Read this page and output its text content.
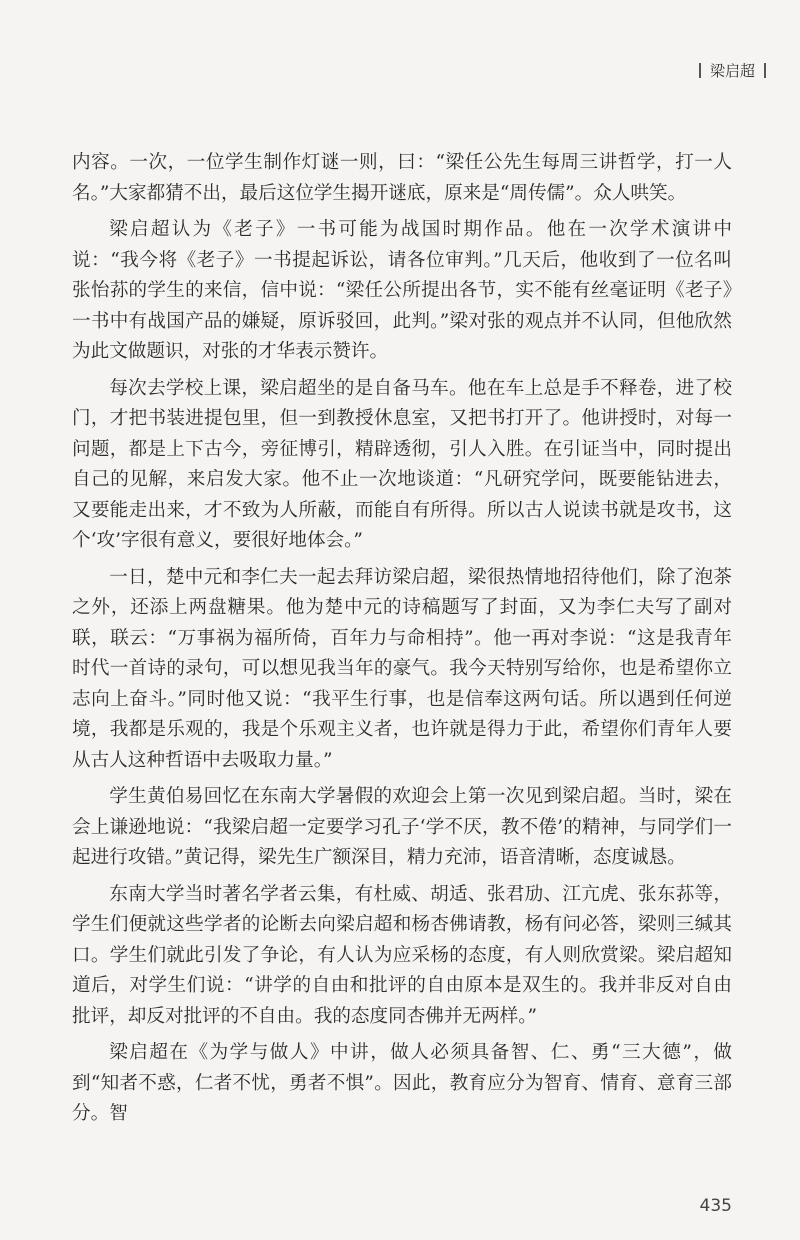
梁启超

内容。一次，一位学生制作灯谜一则，曰：“梁任公先生每周三讲哲学，打一人名。”大家都猜不出，最后这位学生揭开谜底，原来是“周传儒”。众人哄笑。

梁启超认为《老子》一书可能为战国时期作品。他在一次学术演讲中说：“我今将《老子》一书提起诉讼，请各位审判。”几天后，他收到了一位名叫张怡荪的学生的来信，信中说：“梁任公所提出各节，实不能有丝毫证明《老子》一书中有战国产品的嫌疑，原诉驳回，此判。”梁对张的观点并不认同，但他欣然为此文做题识，对张的才华表示赞许。

每次去学校上课，梁启超坐的是自备马车。他在车上总是手不释卷，进了校门，才把书装进提包里，但一到教授休息室，又把书打开了。他讲授时，对每一问题，都是上下古今，旁征博引，精辟透彻，引人入胜。在引证当中，同时提出自己的见解，来启发大家。他不止一次地谈道：“凡研究学问，既要能钻进去，又要能走出来，才不致为人所蔽，而能自有所得。所以古人说读书就是攻书，这个‘攻’字很有意义，要很好地体会。”

一日，楚中元和李仁夫一起去拜访梁启超，梁很热情地招待他们，除了泡茶之外，还添上两盘糖果。他为楚中元的诗稿题写了封面，又为李仁夫写了副对联，联云：“万事祸为福所倚，百年力与命相持”。他一再对李说：“这是我青年时代一首诗的录句，可以想见我当年的豪气。我今天特别写给你，也是希望你立志向上奋斗。”同时他又说：“我平生行事，也是信奉这两句话。所以遇到任何逆境，我都是乐观的，我是个乐观主义者，也许就是得力于此，希望你们青年人要从古人这种哲语中去吸取力量。”

学生黄伯易回忆在东南大学暑假的欢迎会上第一次见到梁启超。当时，梁在会上谦逊地说：“我梁启超一定要学习孔子‘学不厌，教不倦’的精神，与同学们一起进行攻错。”黄记得，梁先生广额深目，精力充沛，语音清晰，态度诚恳。

东南大学当时著名学者云集，有杜威、胡适、张君劢、江亢虎、张东荪等，学生们便就这些学者的论断去向梁启超和杨杏佛请教，杨有问必答，梁则三缄其口。学生们就此引发了争论，有人认为应采杨的态度，有人则欣赏梁。梁启超知道后，对学生们说：“讲学的自由和批评的自由原本是双生的。我并非反对自由批评，却反对批评的不自由。我的态度同杏佛并无两样。”

梁启超在《为学与做人》中讲，做人必须具备智、仁、勇“三大德”，做到“知者不惑，仁者不忧，勇者不惧”。因此，教育应分为智育、情育、意育三部分。智

435
